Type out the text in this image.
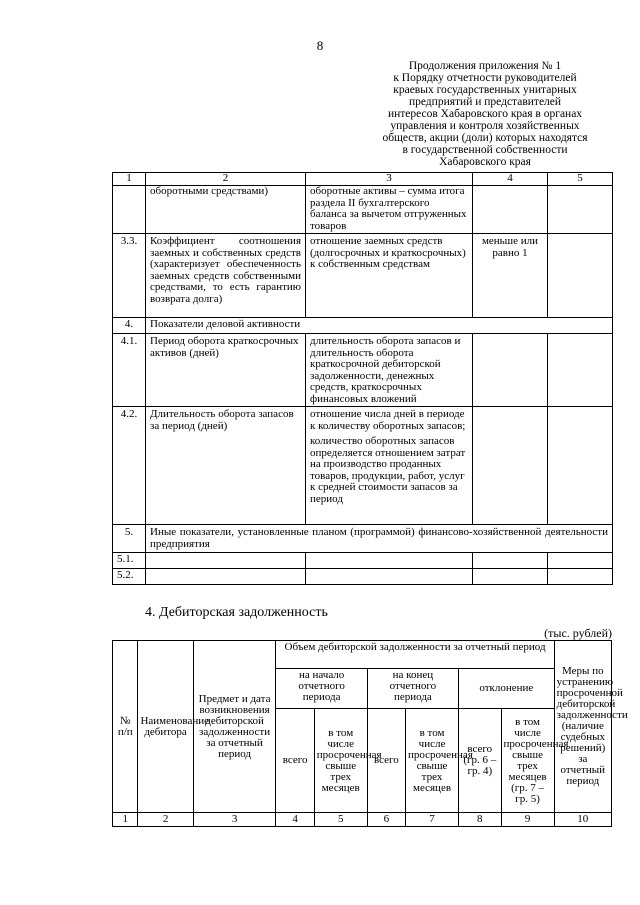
8
Продолжения приложения № 1
к Порядку отчетности руководителей
краевых государственных унитарных
предприятий и представителей
интересов Хабаровского края в органах
управления и контроля хозяйственных
обществ, акции (доли) которых находятся
в государственной собственности
Хабаровского края
1	2	3	4	5
	оборотными средствами)	оборотные активы – сумма итога раздела II бухгалтерского баланса за вычетом отгруженных товаров		
3.3.	Коэффициент соотношения заемных и собственных средств (характеризует обеспеченность заемных средств собственными средствами, то есть гарантию возврата долга)	отношение заемных средств (долгосрочных и краткосрочных) к собственным средствам	меньше или равно 1	
4.	Показатели деловой активности			
4.1.	Период оборота краткосрочных активов (дней)	длительность оборота запасов и длительность оборота краткосрочной дебиторской задолженности, денежных средств, краткосрочных финансовых вложений		
4.2.	Длительность оборота запасов за период (дней)	отношение числа дней в периоде к количеству оборотных запасов;
количество оборотных запасов определяется отношением затрат на производство проданных товаров, продукции, работ, услуг к средней стоимости запасов за период		

5.	Иные показатели, установленные планом (программой) финансово-хозяйственной деятельности предприятия			
5.1.				
5.2.				
4. Дебиторская задолженность
(тыс. рублей)
№ п/п	Наименование дебитора	Предмет и дата возникновения дебиторской задолженности за отчетный период	Объем дебиторской задолженности за отчетный период						Меры по устранению просроченной дебиторской задолженности (наличие судебных решений) за отчетный период
			на начало отчетного периода		на конец отчетного периода		отклонение		
			всего	в том числе просроченная свыше трех месяцев	всего	в том числе просроченная свыше трех месяцев	всего (гр. 6 – гр. 4)	в том числе просроченная свыше трех месяцев (гр. 7 – гр. 5)	
1	2	3	4	5	6	7	8	9	10
